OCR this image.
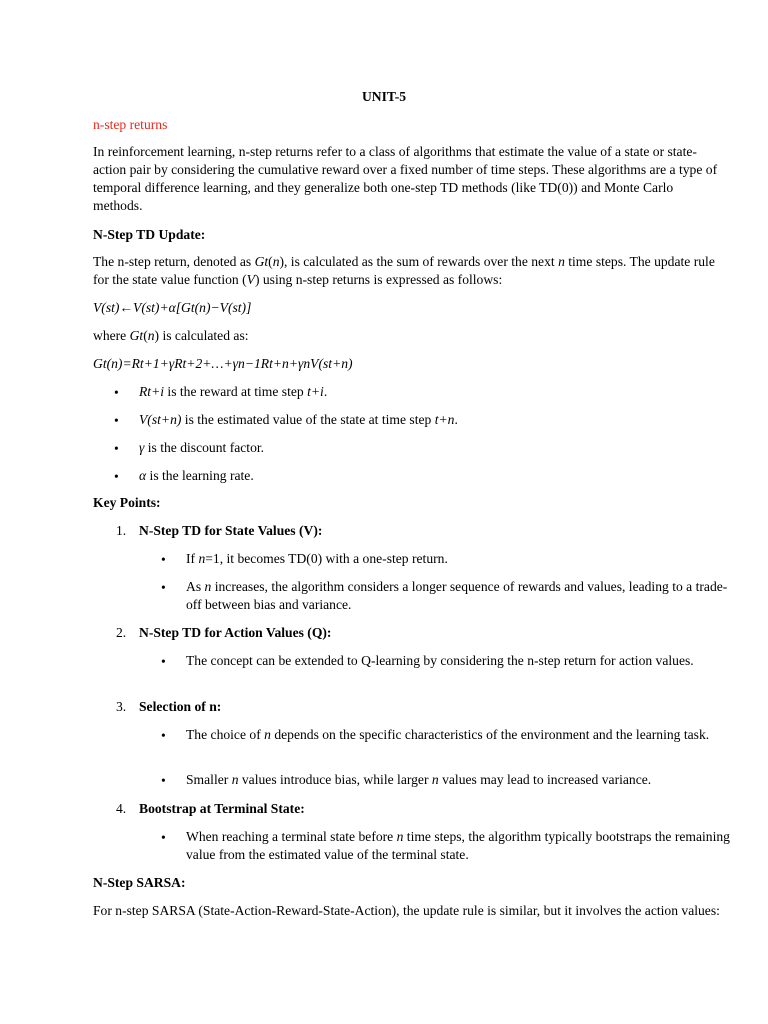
UNIT-5
n-step returns

In reinforcement learning, n-step returns refer to a class of algorithms that estimate the value of a state or state-action pair by considering the cumulative reward over a fixed number of time steps. These algorithms are a type of temporal difference learning, and they generalize both one-step TD methods (like TD(0)) and Monte Carlo methods.

N-Step TD Update:

The n-step return, denoted as Gt(n), is calculated as the sum of rewards over the next n time steps. The update rule for the state value function (V) using n-step returns is expressed as follows:

V(st)←V(st)+α[Gt(n)−V(st)]
where Gt(n) is calculated as:
Gt(n)=Rt+1+γRt+2+…+γn−1Rt+n+γnV(st+n)
• Rt+i is the reward at time step t+i.
• V(st+n) is the estimated value of the state at time step t+n.
• γ is the discount factor.
• α is the learning rate.
Key Points:
1. N-Step TD for State Values (V):
• If n=1, it becomes TD(0) with a one-step return.
• As n increases, the algorithm considers a longer sequence of rewards and values, leading to a trade-off between bias and variance.
2. N-Step TD for Action Values (Q):
• The concept can be extended to Q-learning by considering the n-step return for action values.
3. Selection of n:
• The choice of n depends on the specific characteristics of the environment and the learning task.
• Smaller n values introduce bias, while larger n values may lead to increased variance.
4. Bootstrap at Terminal State:
• When reaching a terminal state before n time steps, the algorithm typically bootstraps the remaining value from the estimated value of the terminal state.
N-Step SARSA:

For n-step SARSA (State-Action-Reward-State-Action), the update rule is similar, but it involves the action values:
